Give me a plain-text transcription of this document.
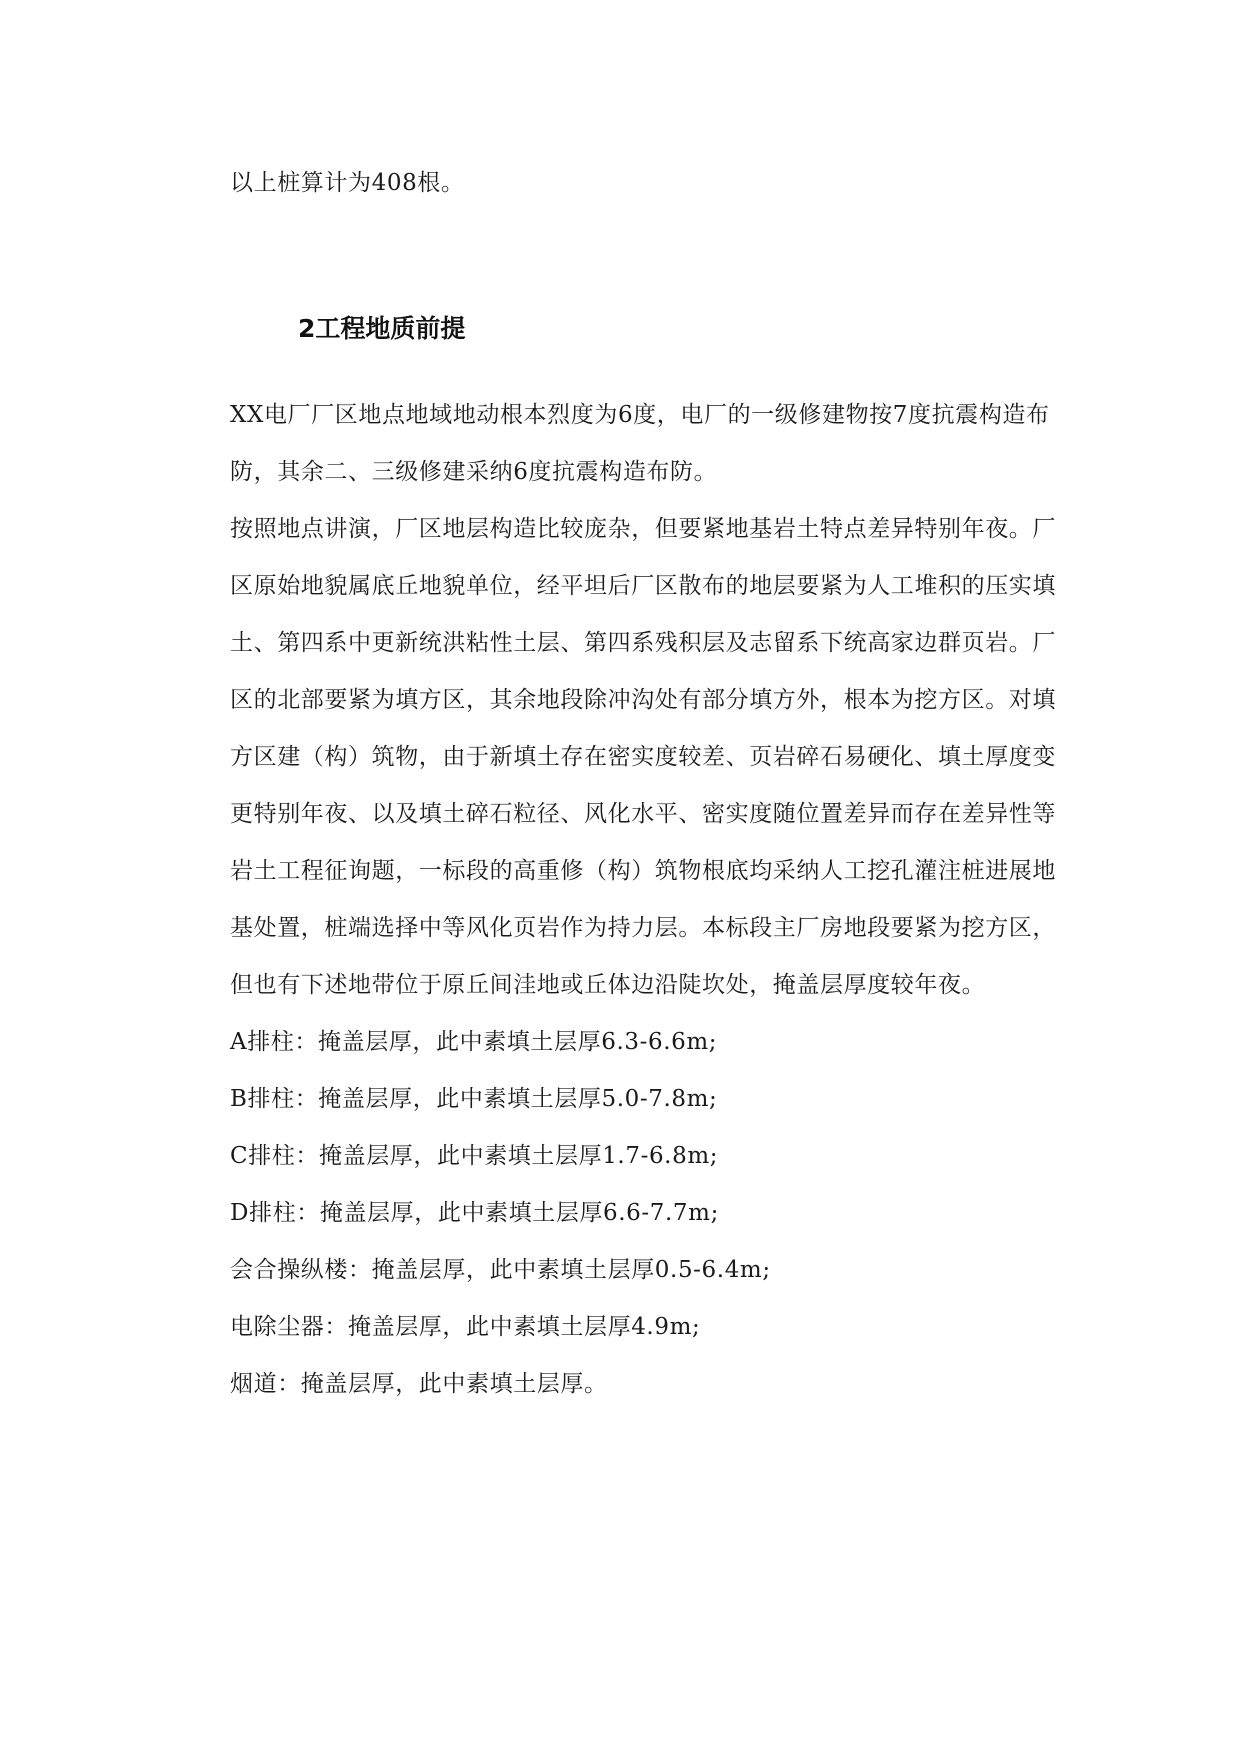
以上桩算计为408根。
2工程地质前提
XX电厂厂区地点地域地动根本烈度为6度，电厂的一级修建物按7度抗震构造布
防，其余二、三级修建采纳6度抗震构造布防。
按照地点讲演，厂区地层构造比较庞杂，但要紧地基岩土特点差异特别年夜。厂
区原始地貌属底丘地貌单位，经平坦后厂区散布的地层要紧为人工堆积的压实填
土、第四系中更新统洪粘性土层、第四系残积层及志留系下统高家边群页岩。厂
区的北部要紧为填方区，其余地段除冲沟处有部分填方外，根本为挖方区。对填
方区建（构）筑物，由于新填土存在密实度较差、页岩碎石易硬化、填土厚度变
更特别年夜、以及填土碎石粒径、风化水平、密实度随位置差异而存在差异性等
岩土工程征询题，一标段的高重修（构）筑物根底均采纳人工挖孔灌注桩进展地
基处置，桩端选择中等风化页岩作为持力层。本标段主厂房地段要紧为挖方区，
但也有下述地带位于原丘间洼地或丘体边沿陡坎处，掩盖层厚度较年夜。
A排柱：掩盖层厚，此中素填土层厚6.3-6.6m;
B排柱：掩盖层厚，此中素填土层厚5.0-7.8m;
C排柱：掩盖层厚，此中素填土层厚1.7-6.8m;
D排柱：掩盖层厚，此中素填土层厚6.6-7.7m;
会合操纵楼：掩盖层厚，此中素填土层厚0.5-6.4m;
电除尘器：掩盖层厚，此中素填土层厚4.9m;
烟道：掩盖层厚，此中素填土层厚。
